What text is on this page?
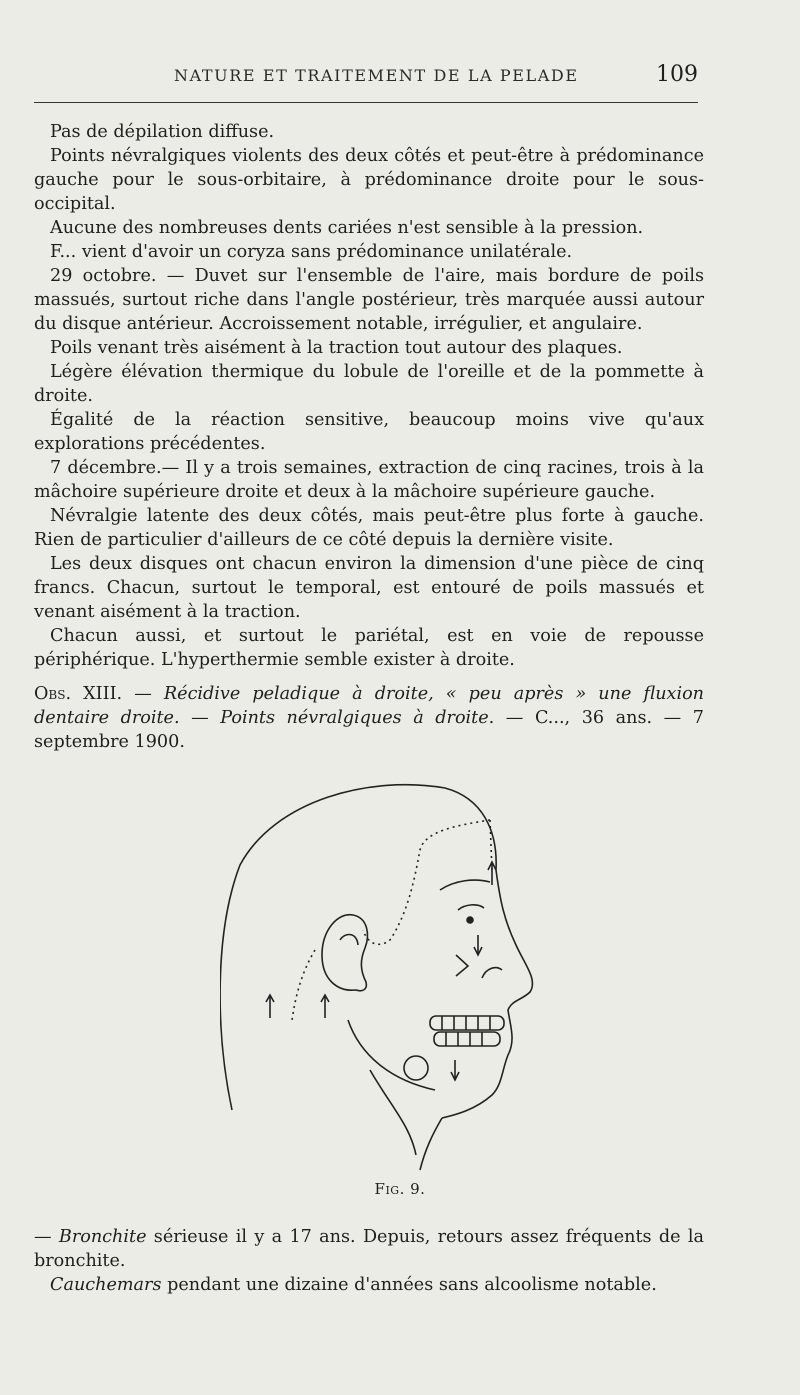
NATURE ET TRAITEMENT DE LA PELADE	109

Pas de dépilation diffuse.

Points névralgiques violents des deux côtés et peut-être à prédominance gauche pour le sous-orbitaire, à prédominance droite pour le sous-occipital.

Aucune des nombreuses dents cariées n'est sensible à la pression.

F... vient d'avoir un coryza sans prédominance unilatérale.

29 octobre. — Duvet sur l'ensemble de l'aire, mais bordure de poils massués, surtout riche dans l'angle postérieur, très marquée aussi autour du disque antérieur. Accroissement notable, irrégulier, et angulaire.

Poils venant très aisément à la traction tout autour des plaques.

Légère élévation thermique du lobule de l'oreille et de la pommette à droite.

Égalité de la réaction sensitive, beaucoup moins vive qu'aux explorations précédentes.

7 décembre.— Il y a trois semaines, extraction de cinq racines, trois à la mâchoire supérieure droite et deux à la mâchoire supérieure gauche.

Névralgie latente des deux côtés, mais peut-être plus forte à gauche. Rien de particulier d'ailleurs de ce côté depuis la dernière visite.

Les deux disques ont chacun environ la dimension d'une pièce de cinq francs. Chacun, surtout le temporal, est entouré de poils massués et venant aisément à la traction.

Chacun aussi, et surtout le pariétal, est en voie de repousse périphérique. L'hyperthermie semble exister à droite.

Obs. XIII. — Récidive peladique à droite, « peu après » une fluxion dentaire droite. — Points névralgiques à droite. — C..., 36 ans. — 7 septembre 1900.

Fig. 9.

— Bronchite sérieuse il y a 17 ans. Depuis, retours assez fréquents de la bronchite.

Cauchemars pendant une dizaine d'années sans alcoolisme notable.
